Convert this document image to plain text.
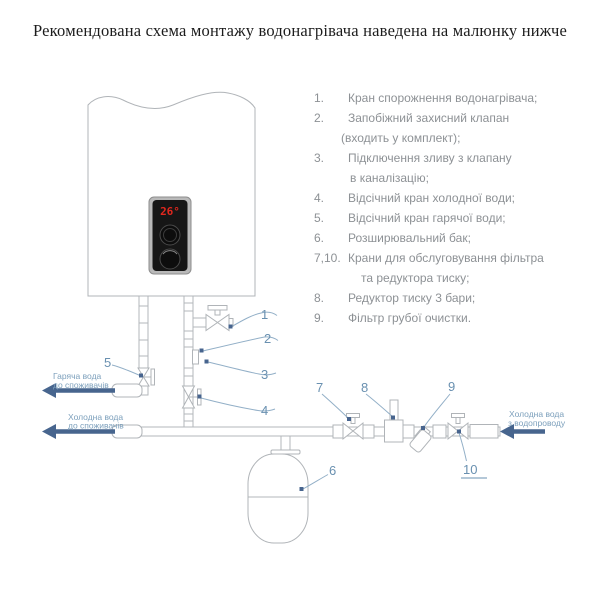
Рекомендована схема монтажу водонагрівача наведена на малюнку нижче
1.	Кран спорожнення водонагрівача;
2.	Запобіжний захисний клапан
(входить у комплект);
3.	Підключення зливу з клапану
в каналізацію;
4.	Відсічний кран холодної води;
5.	Відсічний кран гарячої води;
6.	Розширювальний бак;
7,10. Крани для обслуговування фільтра
та редуктора тиску;
8.	Редуктор тиску 3 бари;
9.	Фільтр грубої очистки.
26°
Гаряча вода
до споживачів
Холодна вода
до споживачів
Холодна вода
з водопроводу
1
2
3
4
5
6
7	8	9
10
